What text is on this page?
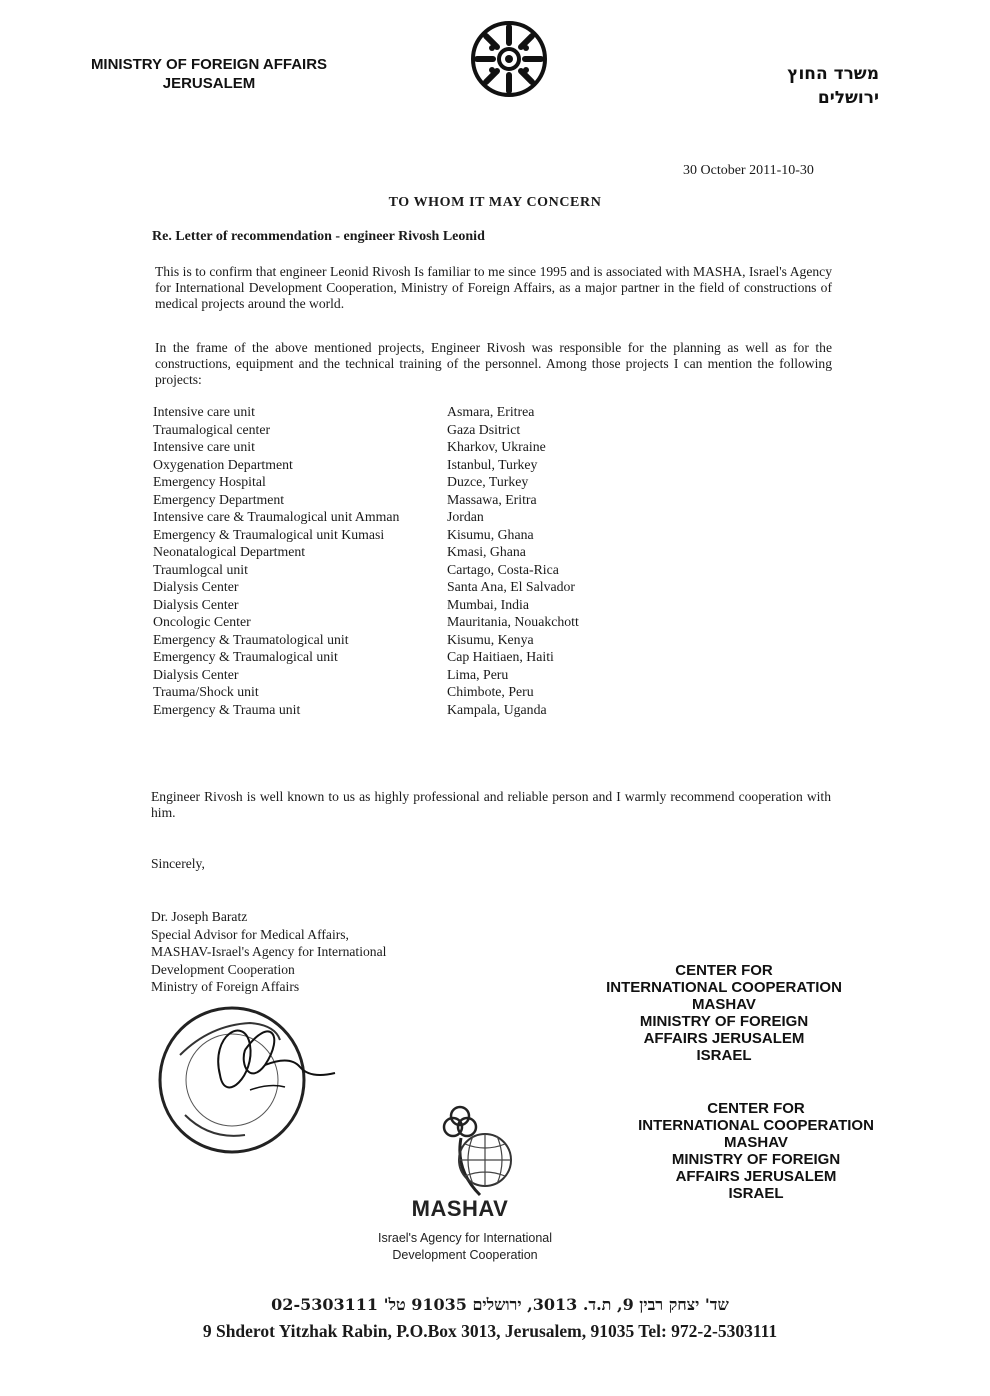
MINISTRY OF FOREIGN AFFAIRS
JERUSALEM	משרד החוץ
ירושלים
30 October 2011-10-30
TO WHOM IT MAY CONCERN
Re. Letter of recommendation - engineer Rivosh Leonid
This is to confirm that engineer Leonid Rivosh Is familiar to me since 1995 and is associated with MASHA, Israel's Agency for International Development Cooperation, Ministry of Foreign Affairs, as a major partner in the field of constructions of medical projects around the world.
In the frame of the above mentioned projects, Engineer Rivosh was responsible for the planning as well as for the constructions, equipment and the technical training of the personnel. Among those projects I can mention the following projects:
Intensive care unit	Asmara, Eritrea
Traumalogical center	Gaza Dsitrict
Intensive care unit	Kharkov, Ukraine
Oxygenation Department	Istanbul, Turkey
Emergency Hospital	Duzce, Turkey
Emergency Department	Massawa, Eritra
Intensive care & Traumalogical unit Amman	Jordan
Emergency & Traumalogical unit Kumasi	Kisumu, Ghana
Neonatalogical Department	Kmasi, Ghana
Traumlogcal unit	Cartago, Costa-Rica
Dialysis Center	Santa Ana, El Salvador
Dialysis Center	Mumbai, India
Oncologic Center	Mauritania, Nouakchott
Emergency & Traumatological unit	Kisumu, Kenya
Emergency & Traumalogical unit	Cap Haitiaen, Haiti
Dialysis Center	Lima, Peru
Trauma/Shock unit	Chimbote, Peru
Emergency & Trauma unit	Kampala, Uganda
Engineer Rivosh is well known to us as highly professional and reliable person and I warmly recommend cooperation with him.
Sincerely,
Dr. Joseph Baratz
Special Advisor for Medical Affairs,
MASHAV-Israel's Agency for International
Development Cooperation
Ministry of Foreign Affairs
CENTER FOR
INTERNATIONAL COOPERATION
MASHAV
MINISTRY OF FOREIGN
AFFAIRS JERUSALEM
ISRAEL
CENTER FOR
INTERNATIONAL COOPERATION
MASHAV
MINISTRY OF FOREIGN
AFFAIRS JERUSALEM
ISRAEL
MASHAV
Israel's Agency for International
Development Cooperation
שד' יצחק רבין 9, ת.ד. 3013, ירושלים 91035 טל' 02-5303111
9 Shderot Yitzhak Rabin, P.O.Box 3013, Jerusalem, 91035 Tel: 972-2-5303111
